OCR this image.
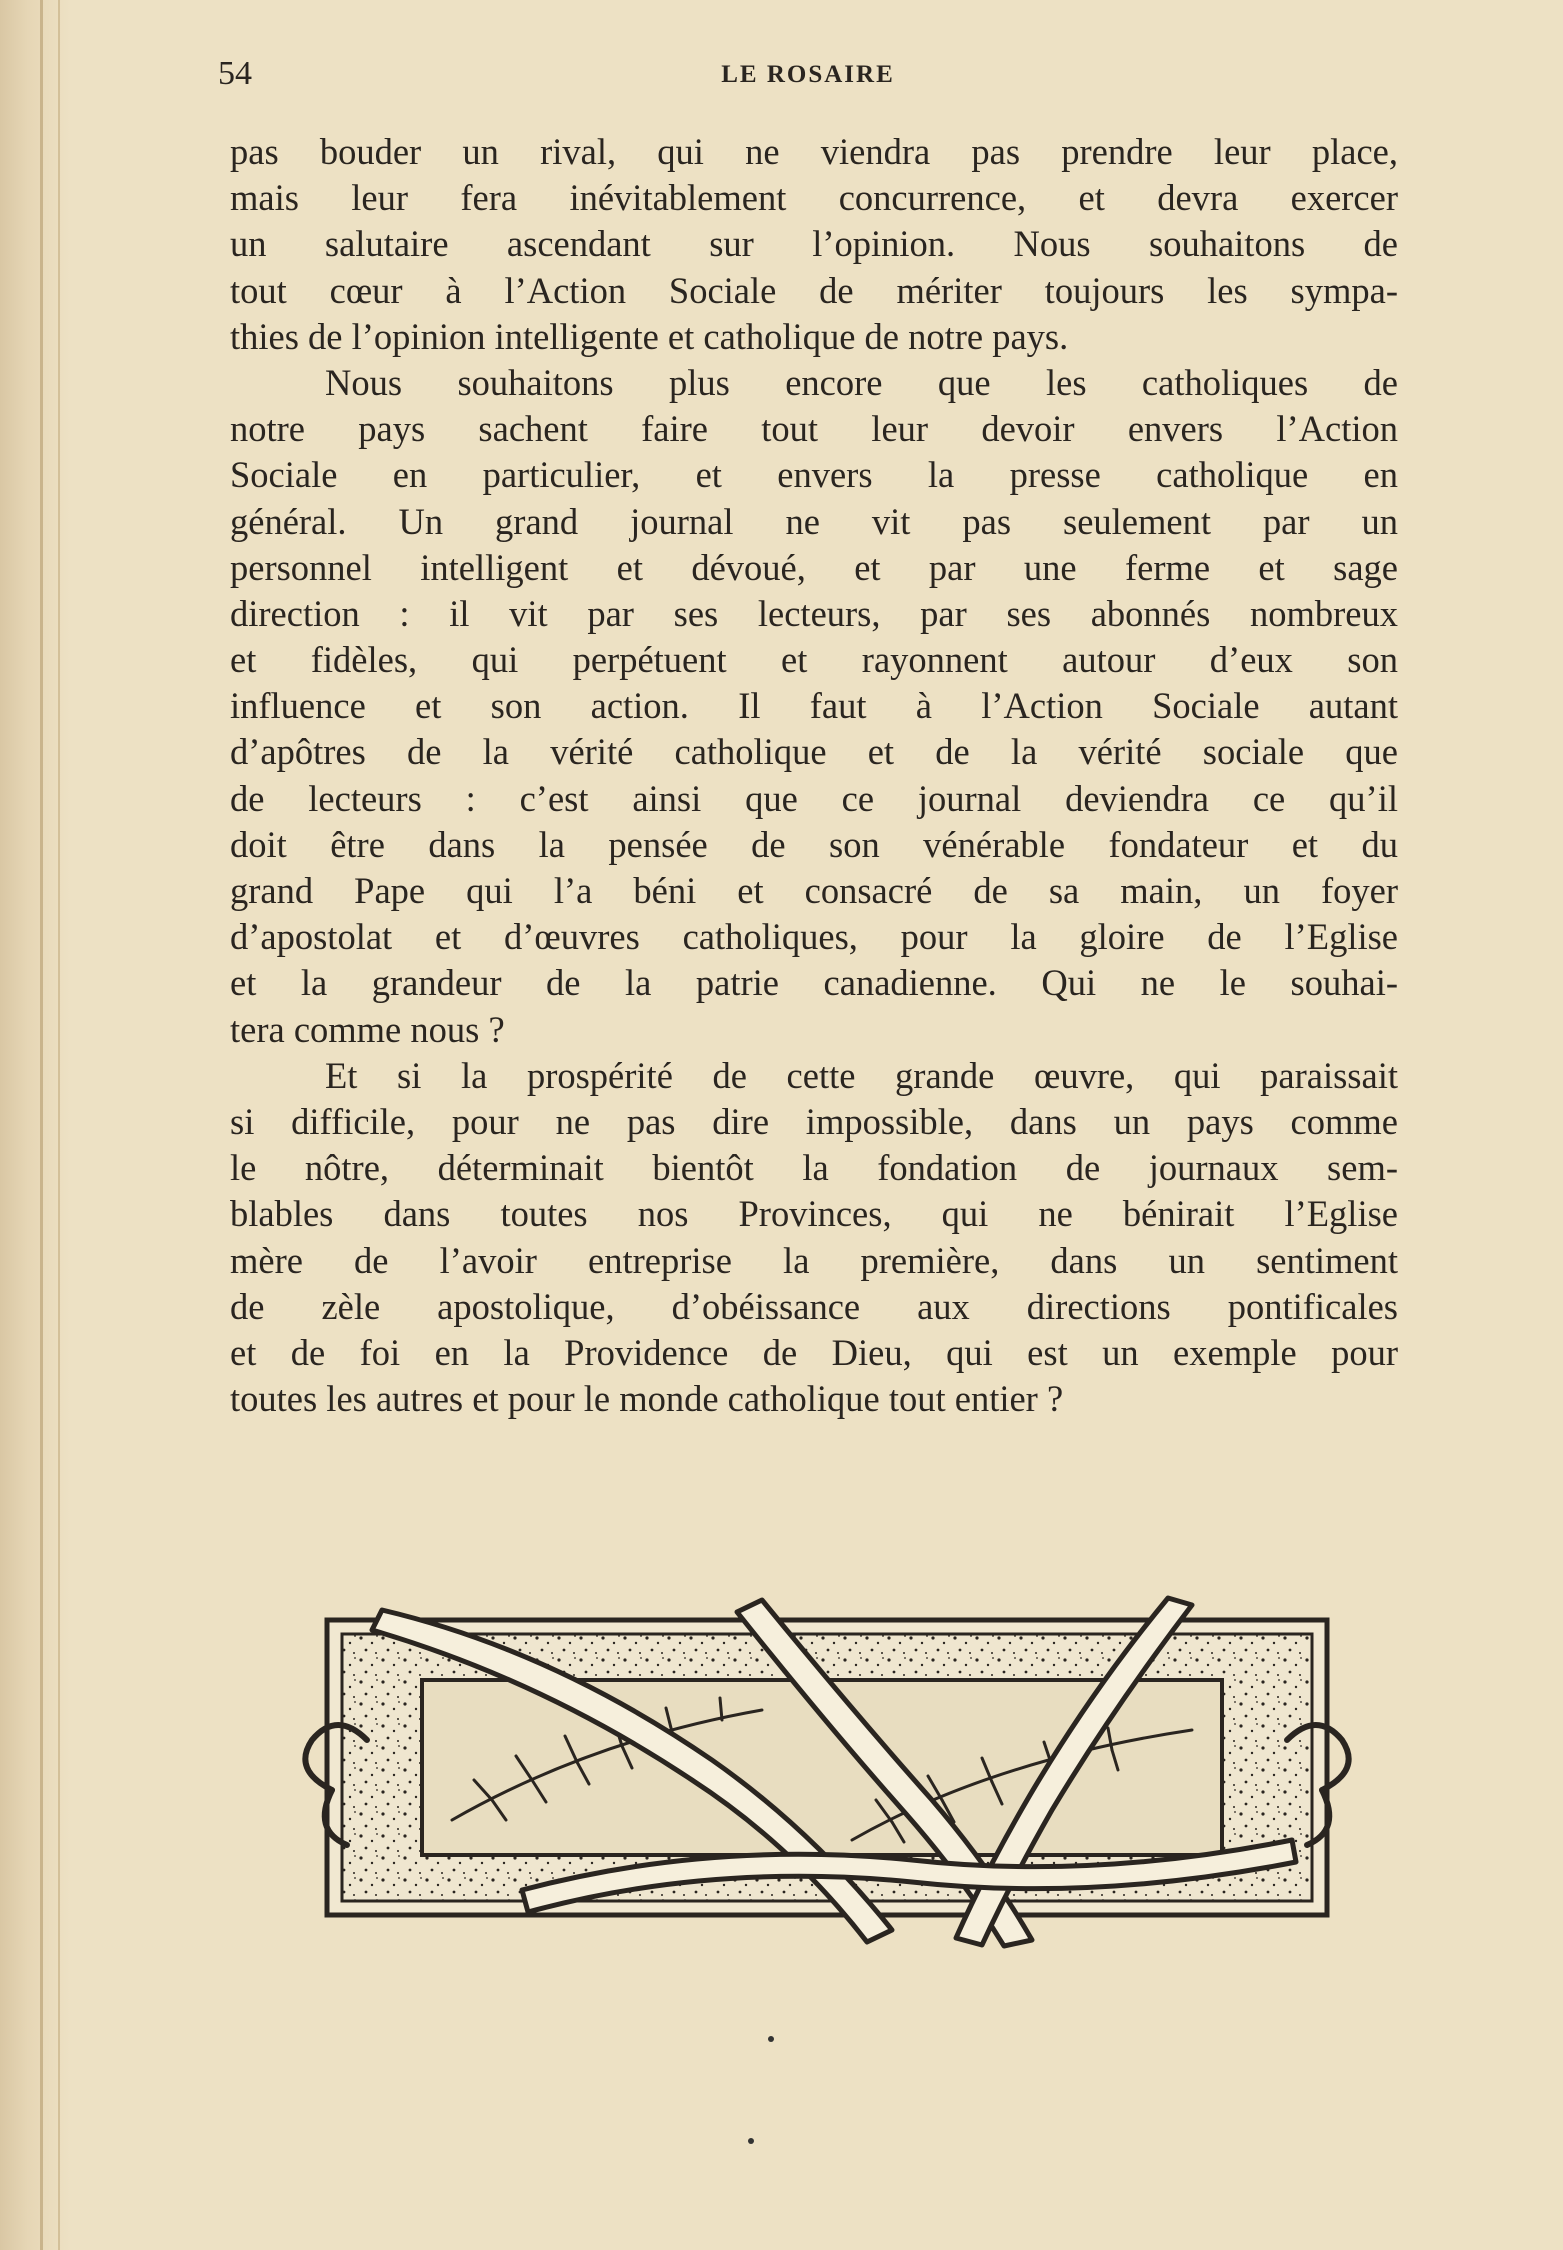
54	LE ROSAIRE
pas bouder un rival, qui ne viendra pas prendre leur place,
mais leur fera inévitablement concurrence, et devra exercer
un salutaire ascendant sur l’opinion. Nous souhaitons de
tout cœur à l’Action Sociale de mériter toujours les sympa-
thies de l’opinion intelligente et catholique de notre pays.
Nous souhaitons plus encore que les catholiques de
notre pays sachent faire tout leur devoir envers l’Action
Sociale en particulier, et envers la presse catholique en
général. Un grand journal ne vit pas seulement par un
personnel intelligent et dévoué, et par une ferme et sage
direction : il vit par ses lecteurs, par ses abonnés nombreux
et fidèles, qui perpétuent et rayonnent autour d’eux son
influence et son action. Il faut à l’Action Sociale autant
d’apôtres de la vérité catholique et de la vérité sociale que
de lecteurs : c’est ainsi que ce journal deviendra ce qu’il
doit être dans la pensée de son vénérable fondateur et du
grand Pape qui l’a béni et consacré de sa main, un foyer
d’apostolat et d’œuvres catholiques, pour la gloire de l’Eglise
et la grandeur de la patrie canadienne. Qui ne le souhai-
tera comme nous ?
Et si la prospérité de cette grande œuvre, qui paraissait
si difficile, pour ne pas dire impossible, dans un pays comme
le nôtre, déterminait bientôt la fondation de journaux sem-
blables dans toutes nos Provinces, qui ne bénirait l’Eglise
mère de l’avoir entreprise la première, dans un sentiment
de zèle apostolique, d’obéissance aux directions pontificales
et de foi en la Providence de Dieu, qui est un exemple pour
toutes les autres et pour le monde catholique tout entier ?
